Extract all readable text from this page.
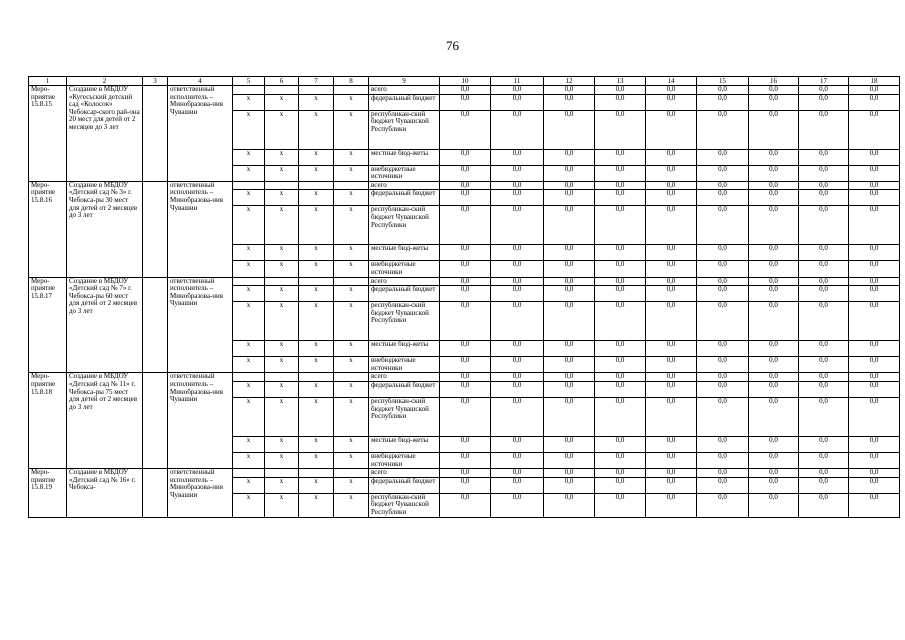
76
1	2	3	4	5	6	7	8	9	10	11	12	13	14	15	16	17	18
Меро-приятие 15.8.15	Создание в МБДОУ «Кугесьский детский сад «Колосок» Чебоксар-ского рай-она 20 мест для детей от 2 месяцев до 3 лет		ответственный исполнитель – Минобразова-ния Чувашии					всего	0,0	0,0	0,0	0,0	0,0	0,0	0,0	0,0	0,0
				x	x	x	x	федеральный бюджет	0,0	0,0	0,0	0,0	0,0	0,0	0,0	0,0	0,0
				x	x	x	x	республикан-ский бюджет Чувашской Республики	0,0	0,0	0,0	0,0	0,0	0,0	0,0	0,0	0,0
				x	x	x	x	местные бюд-жеты	0,0	0,0	0,0	0,0	0,0	0,0	0,0	0,0	0,0
				x	x	x	x	внебюджетные источники	0,0	0,0	0,0	0,0	0,0	0,0	0,0	0,0	0,0
Меро-приятие 15.8.16	Создание в МБДОУ «Детский сад № 3» г. Чебокса-ры 30 мест для детей от 2 месяцев до 3 лет		ответственный исполнитель – Минобразова-ния Чувашии					всего	0,0	0,0	0,0	0,0	0,0	0,0	0,0	0,0	0,0
				x	x	x	x	федеральный бюджет	0,0	0,0	0,0	0,0	0,0	0,0	0,0	0,0	0,0
				x	x	x	x	республикан-ский бюджет Чувашской Республики	0,0	0,0	0,0	0,0	0,0	0,0	0,0	0,0	0,0
				x	x	x	x	местные бюд-жеты	0,0	0,0	0,0	0,0	0,0	0,0	0,0	0,0	0,0
				x	x	x	x	внебюджетные источники	0,0	0,0	0,0	0,0	0,0	0,0	0,0	0,0	0,0
Меро-приятие 15.8.17	Создание в МБДОУ «Детский сад № 7» г. Чебокса-ры 60 мест для детей от 2 месяцев до 3 лет		ответственный исполнитель – Минобразова-ния Чувашии					всего	0,0	0,0	0,0	0,0	0,0	0,0	0,0	0,0	0,0
				x	x	x	x	федеральный бюджет	0,0	0,0	0,0	0,0	0,0	0,0	0,0	0,0	0,0
				x	x	x	x	республикан-ский бюджет Чувашской Республики	0,0	0,0	0,0	0,0	0,0	0,0	0,0	0,0	0,0
				x	x	x	x	местные бюд-жеты	0,0	0,0	0,0	0,0	0,0	0,0	0,0	0,0	0,0
				x	x	x	x	внебюджетные источники	0,0	0,0	0,0	0,0	0,0	0,0	0,0	0,0	0,0
Меро-приятие 15.8.18	Создание в МБДОУ «Детский сад № 11» г. Чебокса-ры 75 мест для детей от 2 месяцев до 3 лет		ответственный исполнитель – Минобразова-ния Чувашии					всего	0,0	0,0	0,0	0,0	0,0	0,0	0,0	0,0	0,0
				x	x	x	x	федеральный бюджет	0,0	0,0	0,0	0,0	0,0	0,0	0,0	0,0	0,0
				x	x	x	x	республикан-ский бюджет Чувашской Республики	0,0	0,0	0,0	0,0	0,0	0,0	0,0	0,0	0,0
				x	x	x	x	местные бюд-жеты	0,0	0,0	0,0	0,0	0,0	0,0	0,0	0,0	0,0
				x	x	x	x	внебюджетные источники	0,0	0,0	0,0	0,0	0,0	0,0	0,0	0,0	0,0
Меро-приятие 15.8.19	Создание в МБДОУ «Детский сад № 16» г. Чебокса-		ответственный исполнитель – Минобразова-ния Чувашии					всего	0,0	0,0	0,0	0,0	0,0	0,0	0,0	0,0	0,0
				x	x	x	x	федеральный бюджет	0,0	0,0	0,0	0,0	0,0	0,0	0,0	0,0	0,0
				x	x	x	x	республикан-ский бюджет Чувашской Республики	0,0	0,0	0,0	0,0	0,0	0,0	0,0	0,0	0,0
